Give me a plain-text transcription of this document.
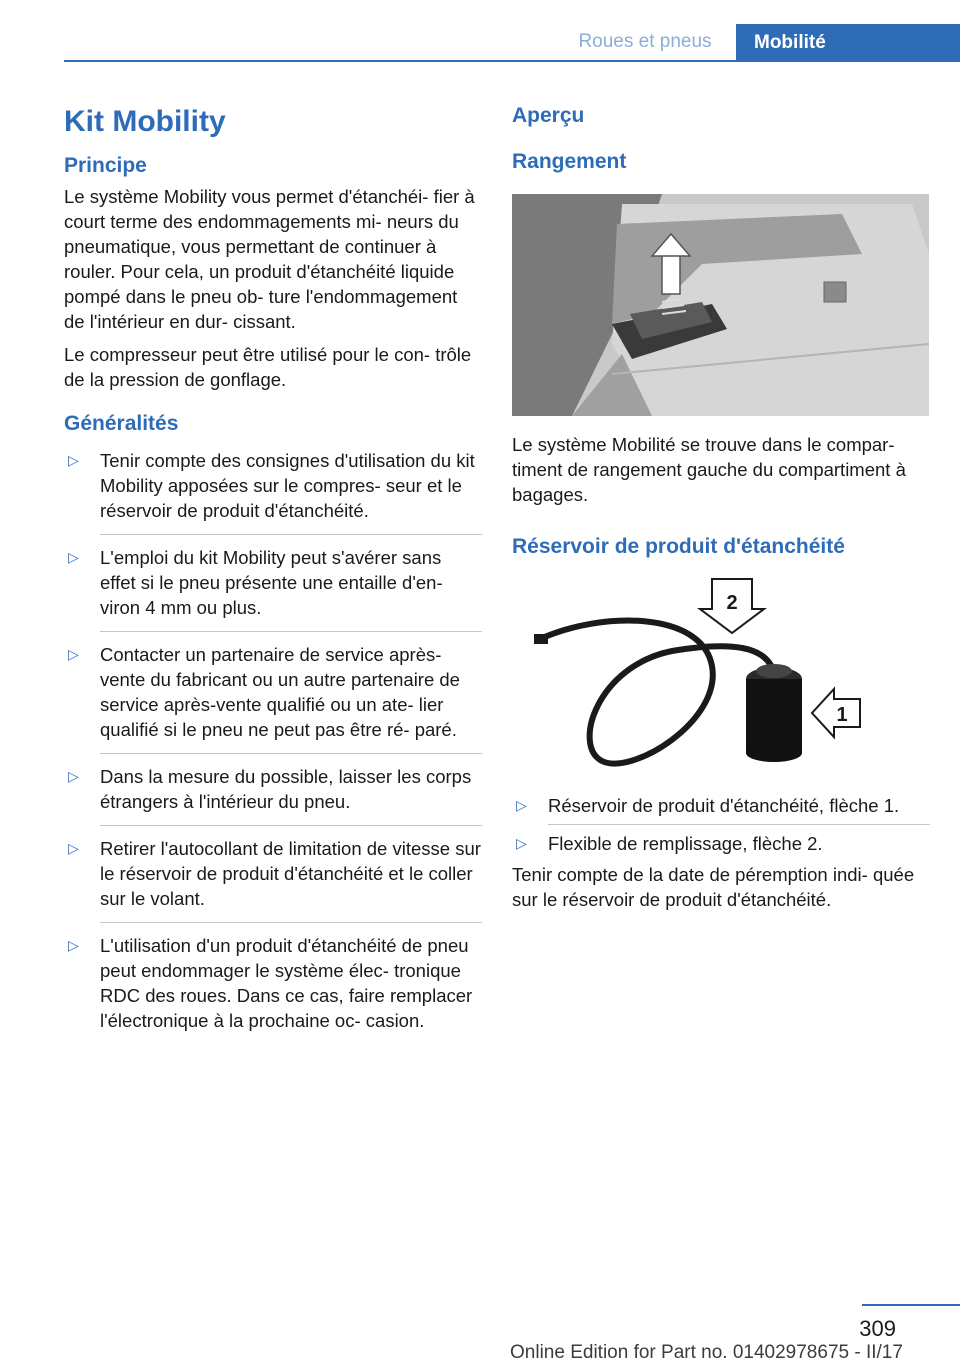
Roues et pneus	Mobilité
Kit Mobility
Principe

Le système Mobility vous permet d'étanchéi‐ fier à court terme des endommagements mi‐ neurs du pneumatique, vous permettant de continuer à rouler. Pour cela, un produit d'étanchéité liquide pompé dans le pneu ob‐ ture l'endommagement de l'intérieur en dur‐ cissant.

Le compresseur peut être utilisé pour le con‐ trôle de la pression de gonflage.

Généralités
▷ Tenir compte des consignes d'utilisation du kit Mobility apposées sur le compres‐ seur et le réservoir de produit d'étanchéité.
▷ L'emploi du kit Mobility peut s'avérer sans effet si le pneu présente une entaille d'en‐ viron 4 mm ou plus.
▷ Contacter un partenaire de service après- vente du fabricant ou un autre partenaire de service après-vente qualifié ou un ate‐ lier qualifié si le pneu ne peut pas être ré‐ paré.
▷ Dans la mesure du possible, laisser les corps étrangers à l'intérieur du pneu.
▷ Retirer l'autocollant de limitation de vitesse sur le réservoir de produit d'étanchéité et le coller sur le volant.
▷ L'utilisation d'un produit d'étanchéité de pneu peut endommager le système élec‐ tronique RDC des roues. Dans ce cas, faire remplacer l'électronique à la prochaine oc‐ casion.
Aperçu
Rangement

Le système Mobilité se trouve dans le compar‐ timent de rangement gauche du compartiment à bagages.

Réservoir de produit d'étanchéité
2
1
▷ Réservoir de produit d'étanchéité, flèche 1.
▷ Flexible de remplissage, flèche 2.

Tenir compte de la date de péremption indi‐ quée sur le réservoir de produit d'étanchéité.

309
Online Edition for Part no. 01402978675 - II/17
